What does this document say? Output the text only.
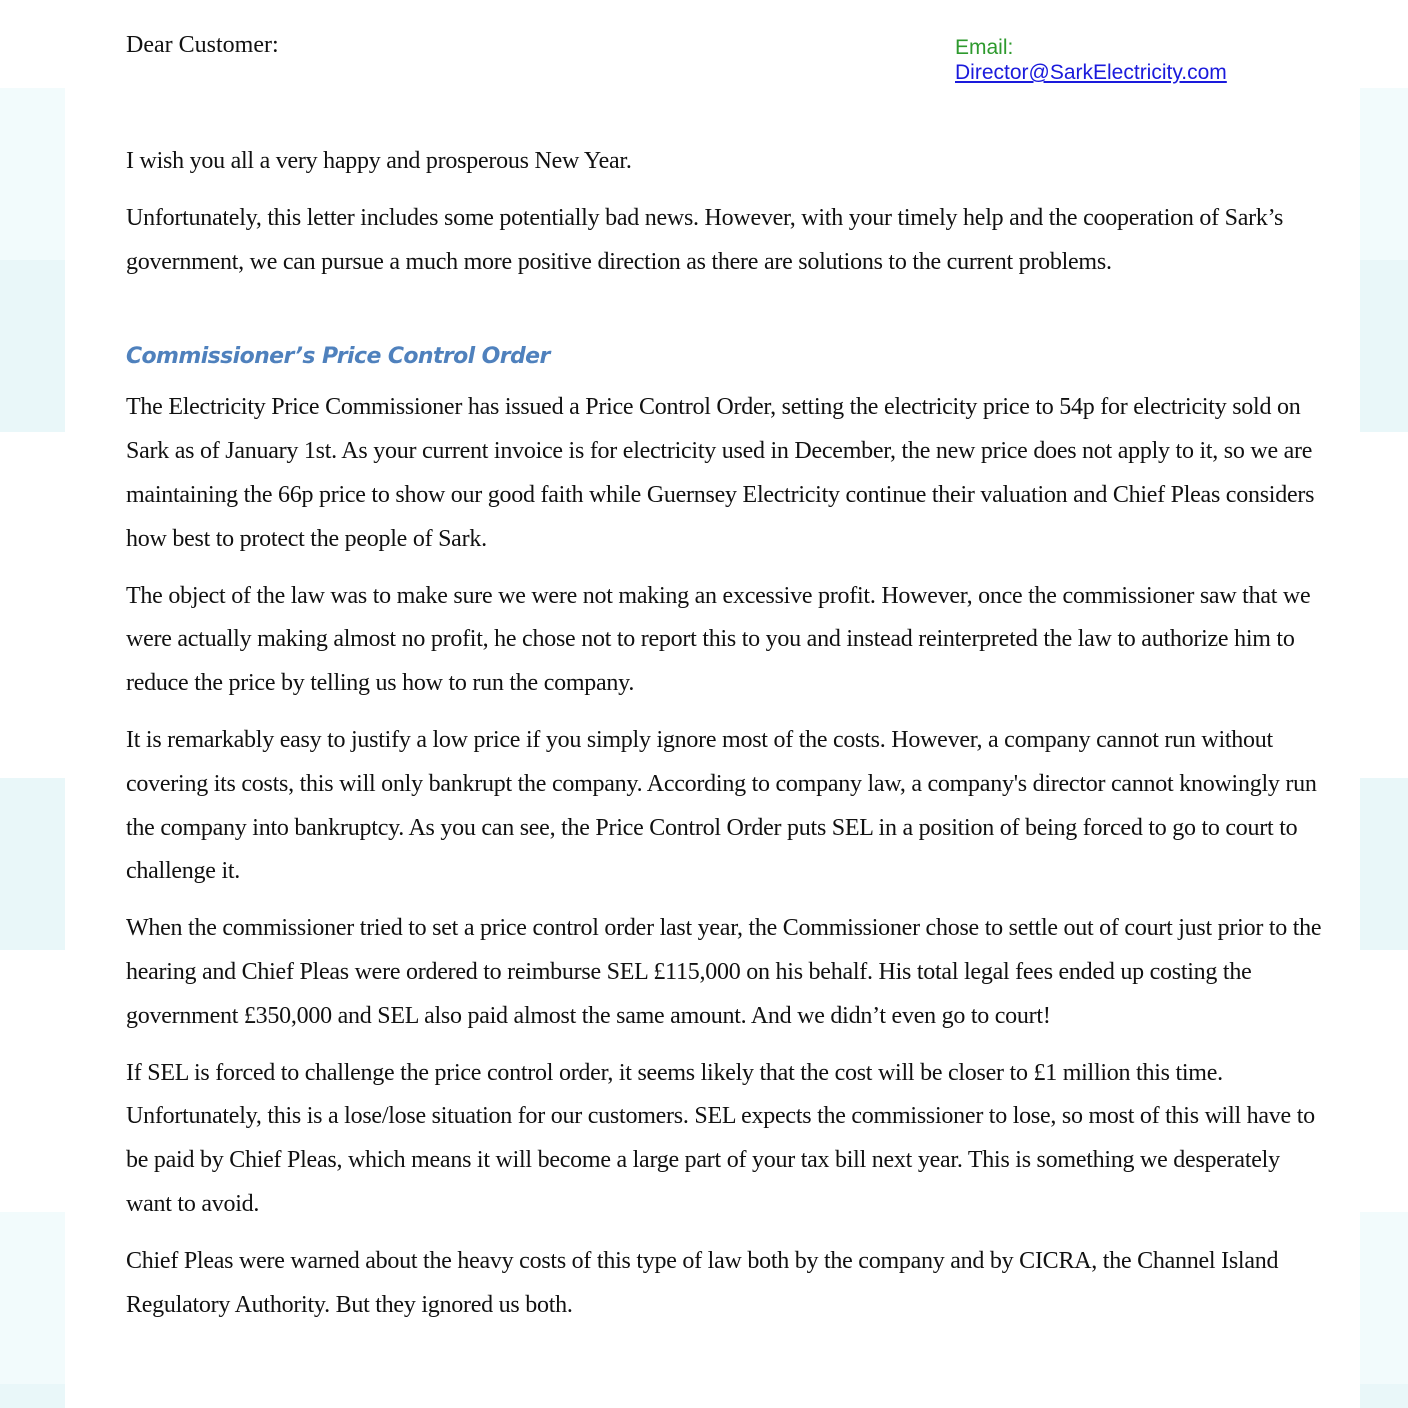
Email:
Director@SarkElectricity.com
Dear Customer:

I wish you all a very happy and prosperous New Year.

Unfortunately, this letter includes some potentially bad news. However, with your timely help and the cooperation of Sark’s government, we can pursue a much more positive direction as there are solutions to the current problems.

Commissioner’s Price Control Order

The Electricity Price Commissioner has issued a Price Control Order, setting the electricity price to 54p for electricity sold on Sark as of January 1st. As your current invoice is for electricity used in December, the new price does not apply to it, so we are maintaining the 66p price to show our good faith while Guernsey Electricity continue their valuation and Chief Pleas considers how best to protect the people of Sark.

The object of the law was to make sure we were not making an excessive profit. However, once the commissioner saw that we were actually making almost no profit, he chose not to report this to you and instead reinterpreted the law to authorize him to reduce the price by telling us how to run the company.

It is remarkably easy to justify a low price if you simply ignore most of the costs. However, a company cannot run without covering its costs, this will only bankrupt the company. According to company law, a company's director cannot knowingly run the company into bankruptcy. As you can see, the Price Control Order puts SEL in a position of being forced to go to court to challenge it.

When the commissioner tried to set a price control order last year, the Commissioner chose to settle out of court just prior to the hearing and Chief Pleas were ordered to reimburse SEL £115,000 on his behalf. His total legal fees ended up costing the government £350,000 and SEL also paid almost the same amount. And we didn’t even go to court!

If SEL is forced to challenge the price control order, it seems likely that the cost will be closer to £1 million this time. Unfortunately, this is a lose/lose situation for our customers. SEL expects the commissioner to lose, so most of this will have to be paid by Chief Pleas, which means it will become a large part of your tax bill next year. This is something we desperately want to avoid.

Chief Pleas were warned about the heavy costs of this type of law both by the company and by CICRA, the Channel Island Regulatory Authority. But they ignored us both.
